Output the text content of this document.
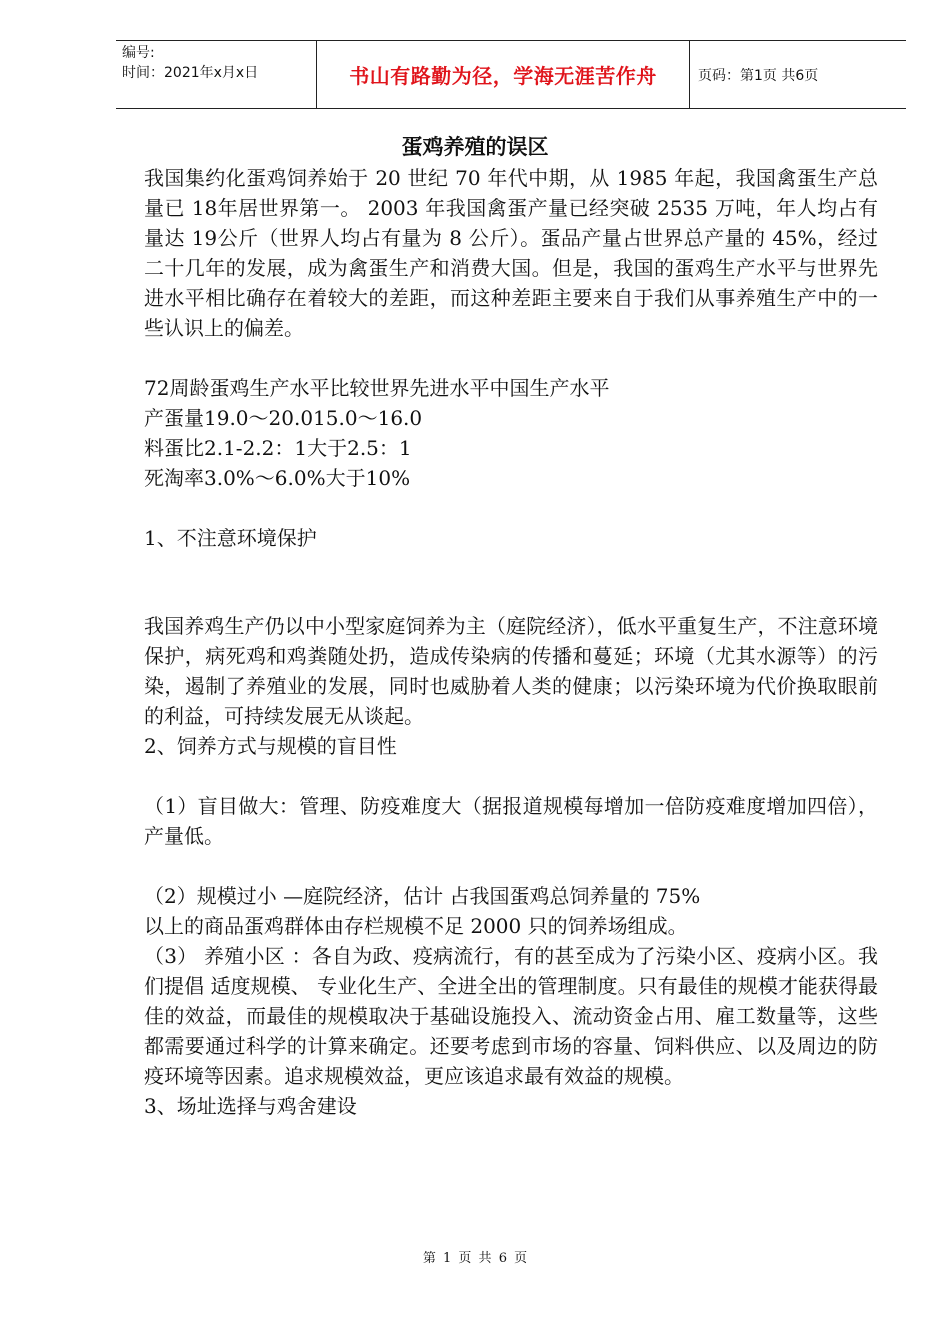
编号:
时间：2021年x月x日	书山有路勤为径，学海无涯苦作舟	页码：第1页 共6页
蛋鸡养殖的误区

我国集约化蛋鸡饲养始于 20 世纪 70 年代中期，从 1985 年起，我国禽蛋生产总量已 18年居世界第一。 2003 年我国禽蛋产量已经突破 2535 万吨，年人均占有量达 19公斤（世界人均占有量为 8 公斤）。蛋品产量占世界总产量的 45%，经过二十几年的发展，成为禽蛋生产和消费大国。但是，我国的蛋鸡生产水平与世界先进水平相比确存在着较大的差距，而这种差距主要来自于我们从事养殖生产中的一些认识上的偏差。

72周龄蛋鸡生产水平比较世界先进水平中国生产水平

产蛋量19.0～20.015.0～16.0

料蛋比2.1-2.2：1大于2.5：1

死淘率3.0%～6.0%大于10%

1、不注意环境保护

我国养鸡生产仍以中小型家庭饲养为主（庭院经济），低水平重复生产，不注意环境保护，病死鸡和鸡粪随处扔，造成传染病的传播和蔓延；环境（尤其水源等）的污染，遏制了养殖业的发展，同时也威胁着人类的健康；以污染环境为代价换取眼前的利益，可持续发展无从谈起。

2、饲养方式与规模的盲目性

（1）盲目做大：管理、防疫难度大（据报道规模每增加一倍防疫难度增加四倍），产量低。

（2）规模过小 —庭院经济，估计 占我国蛋鸡总饲养量的 75%

以上的商品蛋鸡群体由存栏规模不足 2000 只的饲养场组成。

（3） 养殖小区 ：各自为政、疫病流行，有的甚至成为了污染小区、疫病小区。我们提倡 适度规模、 专业化生产、全进全出的管理制度。只有最佳的规模才能获得最佳的效益，而最佳的规模取决于基础设施投入、流动资金占用、雇工数量等，这些都需要通过科学的计算来确定。还要考虑到市场的容量、饲料供应、以及周边的防疫环境等因素。追求规模效益，更应该追求最有效益的规模。

3、场址选择与鸡舍建设

第 1 页 共 6 页
